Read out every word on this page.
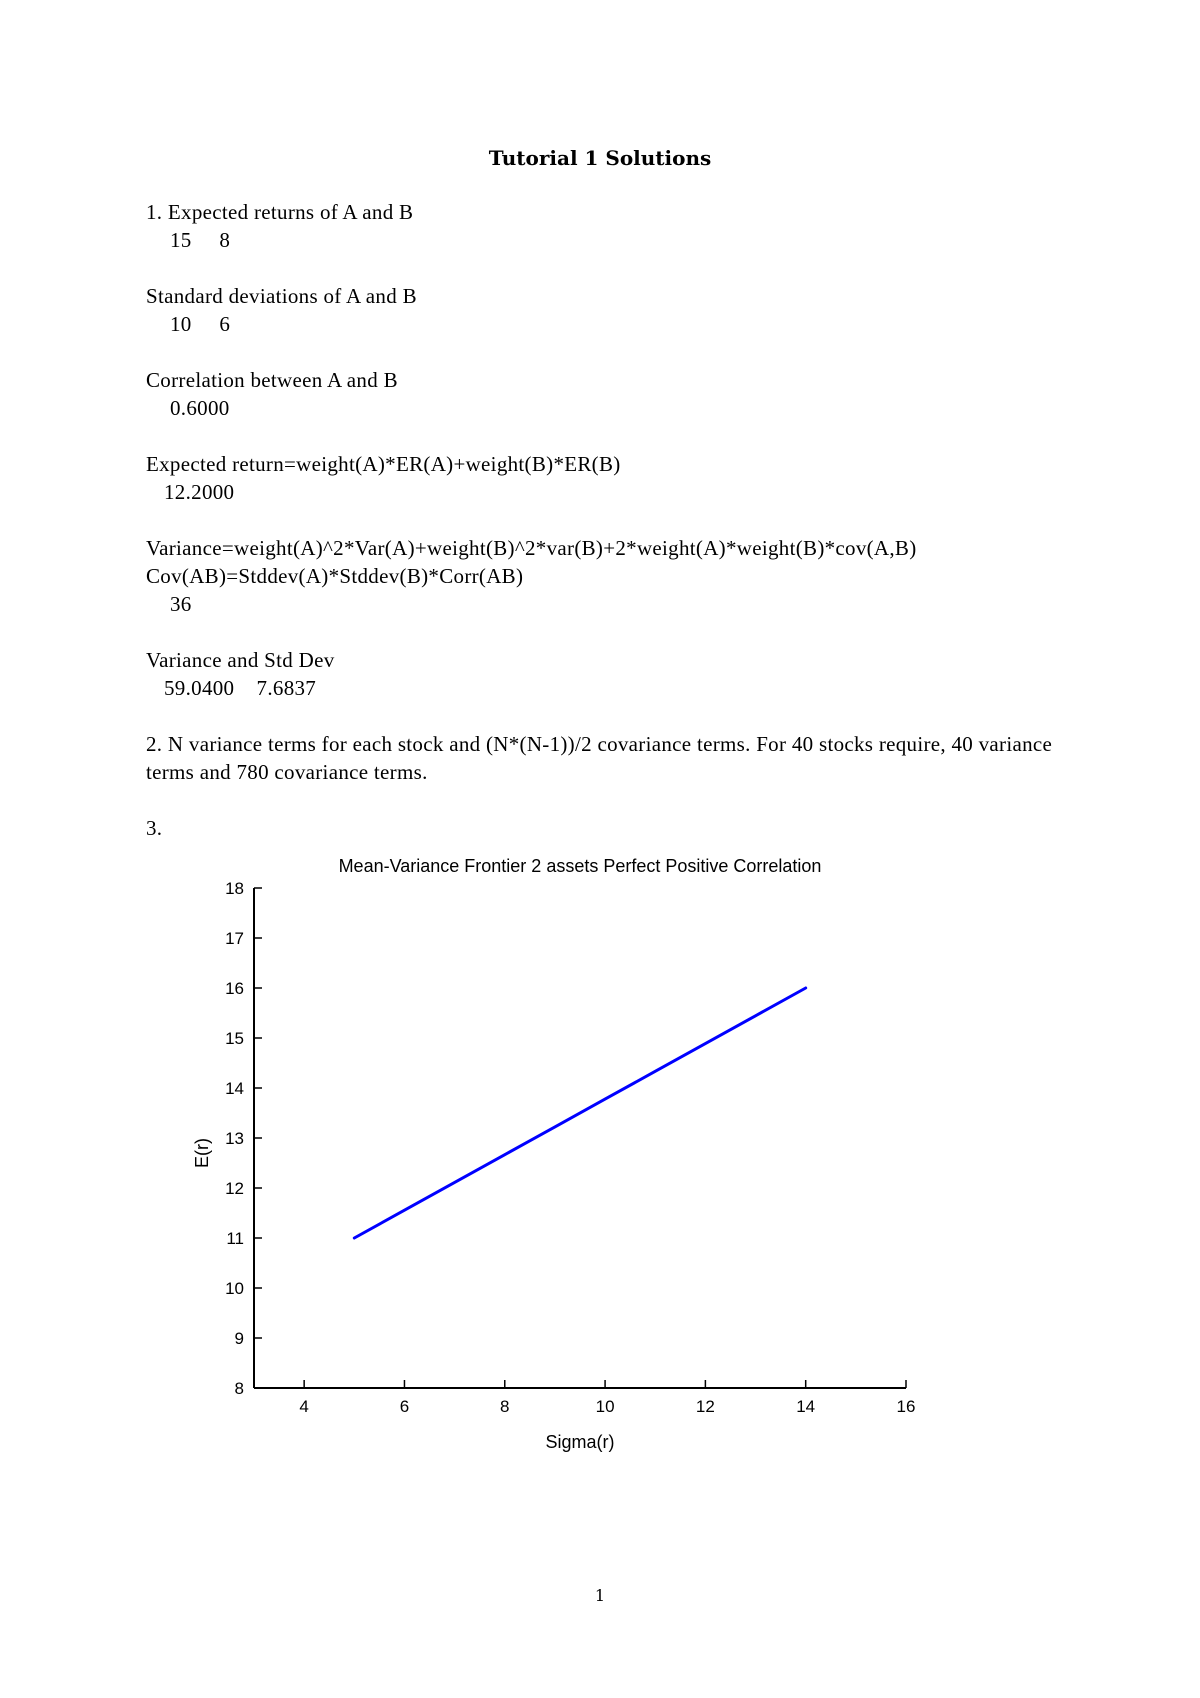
Tutorial 1 Solutions
1. Expected returns of A and B
15     8
Standard deviations of A and B
10     6
Correlation between A and B
0.6000
Expected return=weight(A)*ER(A)+weight(B)*ER(B)
12.2000
Variance=weight(A)^2*Var(A)+weight(B)^2*var(B)+2*weight(A)*weight(B)*cov(A,B)
Cov(AB)=Stddev(A)*Stddev(B)*Corr(AB)
36
Variance and Std Dev
59.0400    7.6837
2. N variance terms for each stock and (N*(N-1))/2 covariance terms. For 40 stocks require, 40 variance terms and 780 covariance terms.
3.
Mean-Variance Frontier 2 assets Perfect Positive Correlation
4	6	8	10	12	14	16
8
9
10
11
12
13
14
15
16
17
18
Sigma(r)
E(r)
1
